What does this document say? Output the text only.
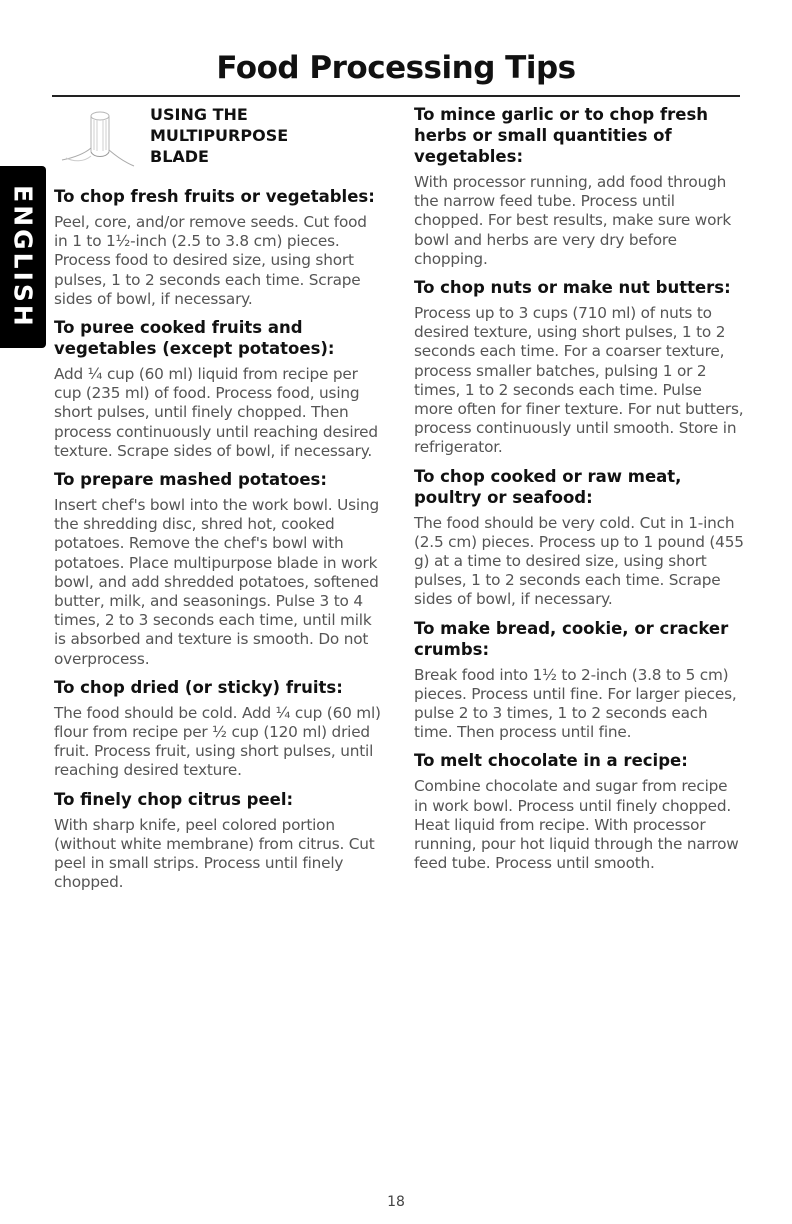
Food Processing Tips
ENGLISH
USING THE
MULTIPURPOSE
BLADE
To chop fresh fruits or vegetables:

Peel, core, and/or remove seeds. Cut food in 1 to 1½-inch (2.5 to 3.8 cm) pieces. Process food to desired size, using short pulses, 1 to 2 seconds each time. Scrape sides of bowl, if necessary.

To puree cooked fruits and vegetables (except potatoes):

Add ¼ cup (60 ml) liquid from recipe per cup (235 ml) of food. Process food, using short pulses, until finely chopped. Then process continuously until reaching desired texture. Scrape sides of bowl, if necessary.

To prepare mashed potatoes:

Insert chef's bowl into the work bowl. Using the shredding disc, shred hot, cooked potatoes. Remove the chef's bowl with potatoes. Place multipurpose blade in work bowl, and add shredded potatoes, softened butter, milk, and seasonings. Pulse 3 to 4 times, 2 to 3 seconds each time, until milk is absorbed and texture is smooth. Do not overprocess.

To chop dried (or sticky) fruits:

The food should be cold. Add ¼ cup (60 ml) flour from recipe per ½ cup (120 ml) dried fruit. Process fruit, using short pulses, until reaching desired texture.

To finely chop citrus peel:

With sharp knife, peel colored portion (without white membrane) from citrus. Cut peel in small strips. Process until finely chopped.

To mince garlic or to chop fresh herbs or small quantities of vegetables:

With processor running, add food through the narrow feed tube. Process until chopped. For best results, make sure work bowl and herbs are very dry before chopping.

To chop nuts or make nut butters:

Process up to 3 cups (710 ml) of nuts to desired texture, using short pulses, 1 to 2 seconds each time. For a coarser texture, process smaller batches, pulsing 1 or 2 times, 1 to 2 seconds each time. Pulse more often for finer texture. For nut butters, process continuously until smooth. Store in refrigerator.

To chop cooked or raw meat, poultry or seafood:

The food should be very cold. Cut in 1-inch (2.5 cm) pieces. Process up to 1 pound (455 g) at a time to desired size, using short pulses, 1 to 2 seconds each time. Scrape sides of bowl, if necessary.

To make bread, cookie, or cracker crumbs:

Break food into 1½ to 2-inch (3.8 to 5 cm) pieces. Process until fine. For larger pieces, pulse 2 to 3 times, 1 to 2 seconds each time. Then process until fine.

To melt chocolate in a recipe:

Combine chocolate and sugar from recipe in work bowl. Process until finely chopped. Heat liquid from recipe. With processor running, pour hot liquid through the narrow feed tube. Process until smooth.

18
